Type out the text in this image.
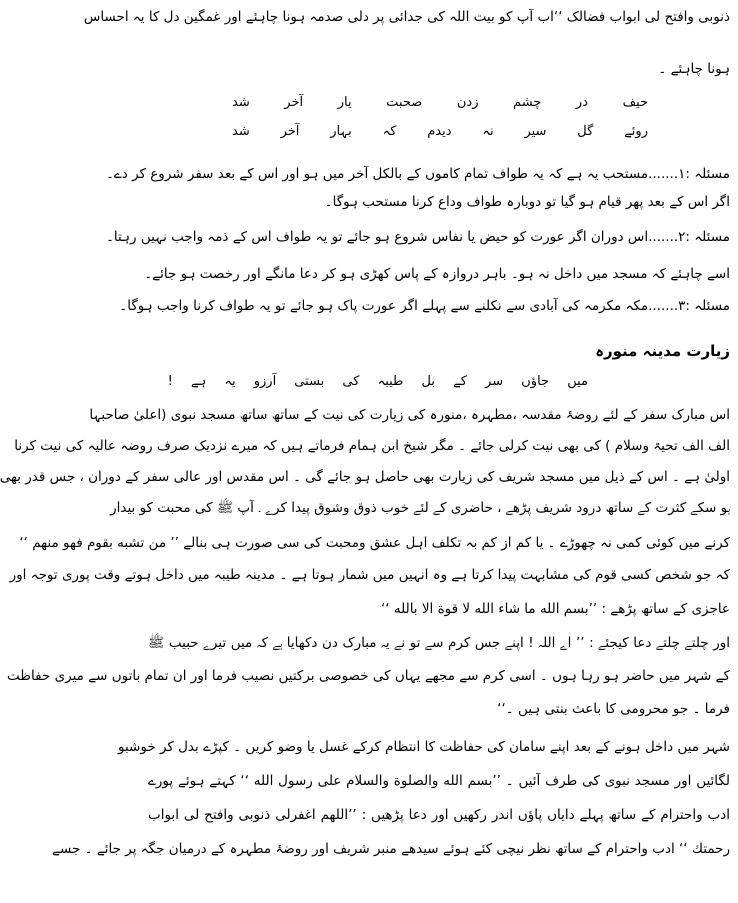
ذنوبی وافتح لی ابواب فضالک ‘‘اب آپ کو بیت اللہ کی جدائی پر دلی صدمہ ہونا چاہئے اور غمگین دل کا یہ احساس
ہونا چاہئے ۔
حیف در چشم زدن صحبت یار آخر شد
روئے گل سیر نہ دیدم کہ بہار آخر شد
مسئلہ :۱.......مستحب یہ ہے کہ یہ طواف تمام کاموں کے بالکل آخر میں ہو اور اس کے بعد سفر شروع کر دے۔
اگر اس کے بعد پھر قیام ہو گیا تو دوبارہ طواف وداع کرنا مستحب ہوگا۔
مسئلہ :۲.......اس دوران اگر عورت کو حیض یا نفاس شروع ہو جائے تو یہ طواف اس کے ذمہ واجب نہیں رہتا۔
اسے چاہئے کہ مسجد میں داخل نہ ہو۔ باہر دروازہ کے پاس کھڑی ہو کر دعا مانگے اور رخصت ہو جائے۔
مسئلہ :۳.......مکہ مکرمہ کی آبادی سے نکلنے سے پہلے اگر عورت پاک ہو جائے تو یہ طواف کرنا واجب ہوگا۔
زیارت مدینہ منورہ
میں جاؤں سر کے بل طیبہ کی بستی آرزو یہ ہے !
اس مبارک سفر کے لئے روضۂ مقدسہ ،مطہرہ ،منورہ کی زیارت کی نیت کے ساتھ ساتھ مسجد نبوی (اعلیٰ صاحبہا
الف الف تحیۃ وسلام ) کی بھی نیت کرلی جائے ۔ مگر شیخ ابن ہمام فرماتے ہیں کہ میرے نزدیک صرف روضہ عالیہ کی نیت کرنا
اولیٰ ہے ۔ اس کے ذیل میں مسجد شریف کی زیارت بھی حاصل ہو جائے گی ۔ اس مقدس اور عالی سفر کے دوران ، جس قدر بھی
ہو سکے کثرت کے ساتھ درود شریف پڑھے ، حاضری کے لئے خوب ذوق وشوق پیدا کرے ۔ آپ ﷺ کی محبت کو بیدار
کرنے میں کوئی کمی نہ چھوڑے ۔ یا کم از کم بہ تکلف اہل عشق ومحبت کی سی صورت ہی بنالے ’’ من تشبه بقوم فهو منهم ‘‘
کہ جو شخص کسی قوم کی مشابہت پیدا کرتا ہے وہ انہیں میں شمار ہوتا ہے ۔ مدینہ طیبہ میں داخل ہوتے وقت پوری توجہ اور
عاجزی کے ساتھ پڑھے : ’’بسم الله ما شاء الله لا قوة الا بالله ‘‘
اور چلتے چلتے دعا کیجئے : ’’ اے اللہ ! اپنے جس کرم سے تو نے یہ مبارک دن دکھایا ہے کہ میں تیرے حبیب ﷺ
کے شہر میں حاضر ہو رہا ہوں ۔ اسی کرم سے مجھے یہاں کی خصوصی برکتیں نصیب فرما اور ان تمام باتوں سے میری حفاظت
فرما ۔ جو محرومی کا باعث بنتی ہیں ۔‘‘
شہر میں داخل ہونے کے بعد اپنے سامان کی حفاظت کا انتظام کرکے غسل یا وضو کریں ۔ کپڑے بدل کر خوشبو
لگائیں اور مسجد نبوی کی طرف آئیں ۔ ’’بسم الله والصلوة والسلام على رسول الله ‘‘ کہتے ہوئے پورے
ادب واحترام کے ساتھ پہلے دایاں پاؤں اندر رکھیں اور دعا پڑھیں : ’’اللهم اغفرلى ذنوبى وافتح لى ابواب
رحمتك ‘‘ ادب واحترام کے ساتھ نظر نیچی کئے ہوئے سیدھے منبر شریف اور روضۂ مطہرہ کے درمیان جگہ پر جائے ۔ جسے
